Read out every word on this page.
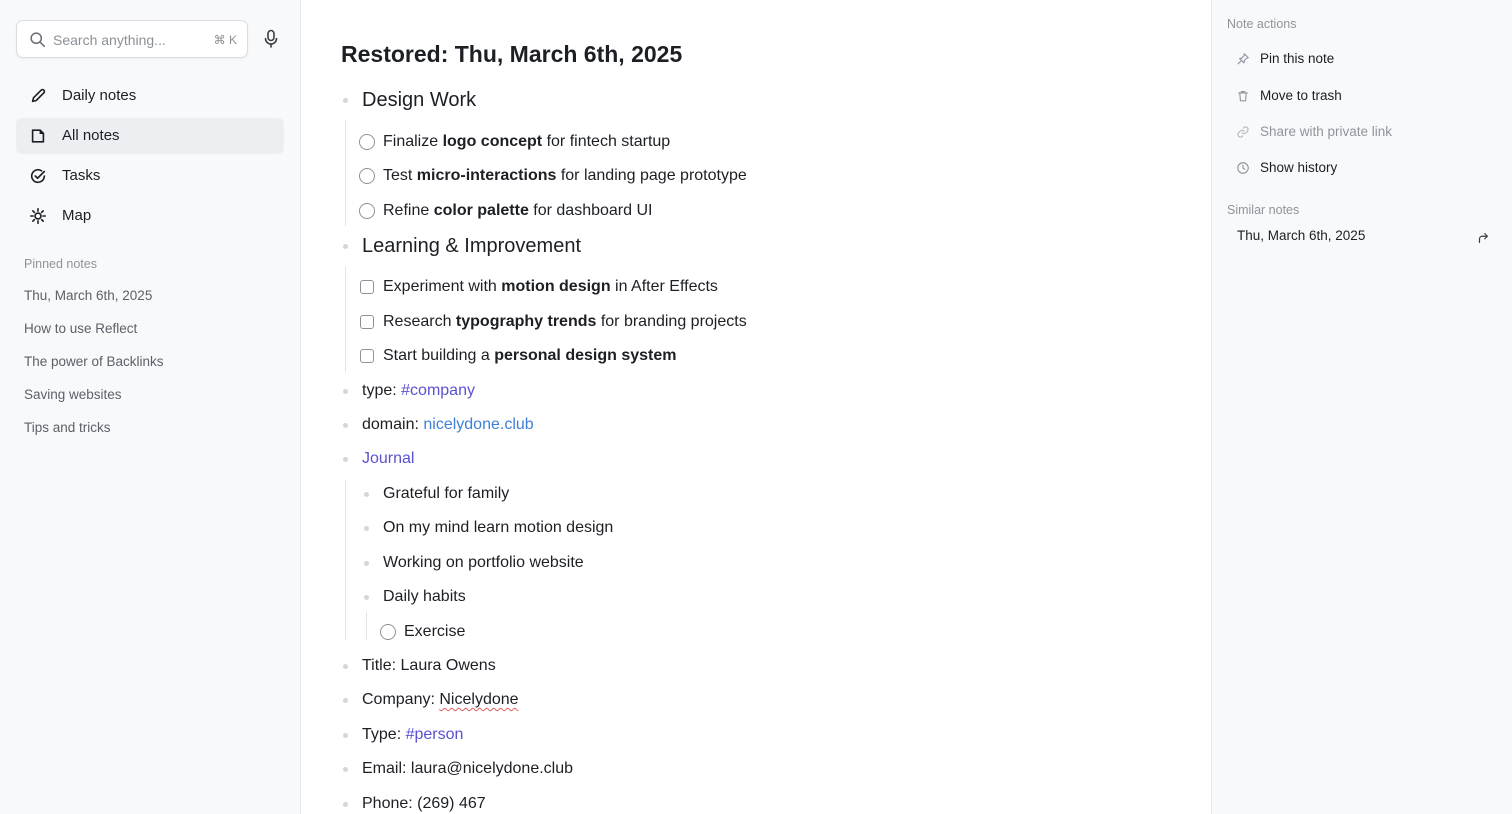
Search anything...	⌘ K
Daily notes
All notes
Tasks
Map
Pinned notes
Thu, March 6th, 2025
How to use Reflect
The power of Backlinks
Saving websites
Tips and tricks
Restored: Thu, March 6th, 2025
Design Work
Finalize logo concept for fintech startup
Test micro-interactions for landing page prototype
Refine color palette for dashboard UI
Learning & Improvement
Experiment with motion design in After Effects
Research typography trends for branding projects
Start building a personal design system
type: #company
domain: nicelydone.club
Journal
Grateful for family
On my mind learn motion design
Working on portfolio website
Daily habits
Exercise
Title: Laura Owens
Company: Nicelydone
Type: #person
Email: laura@nicelydone.club
Phone: (269) 467
Note actions
Pin this note
Move to trash
Share with private link
Show history
Similar notes
Thu, March 6th, 2025
